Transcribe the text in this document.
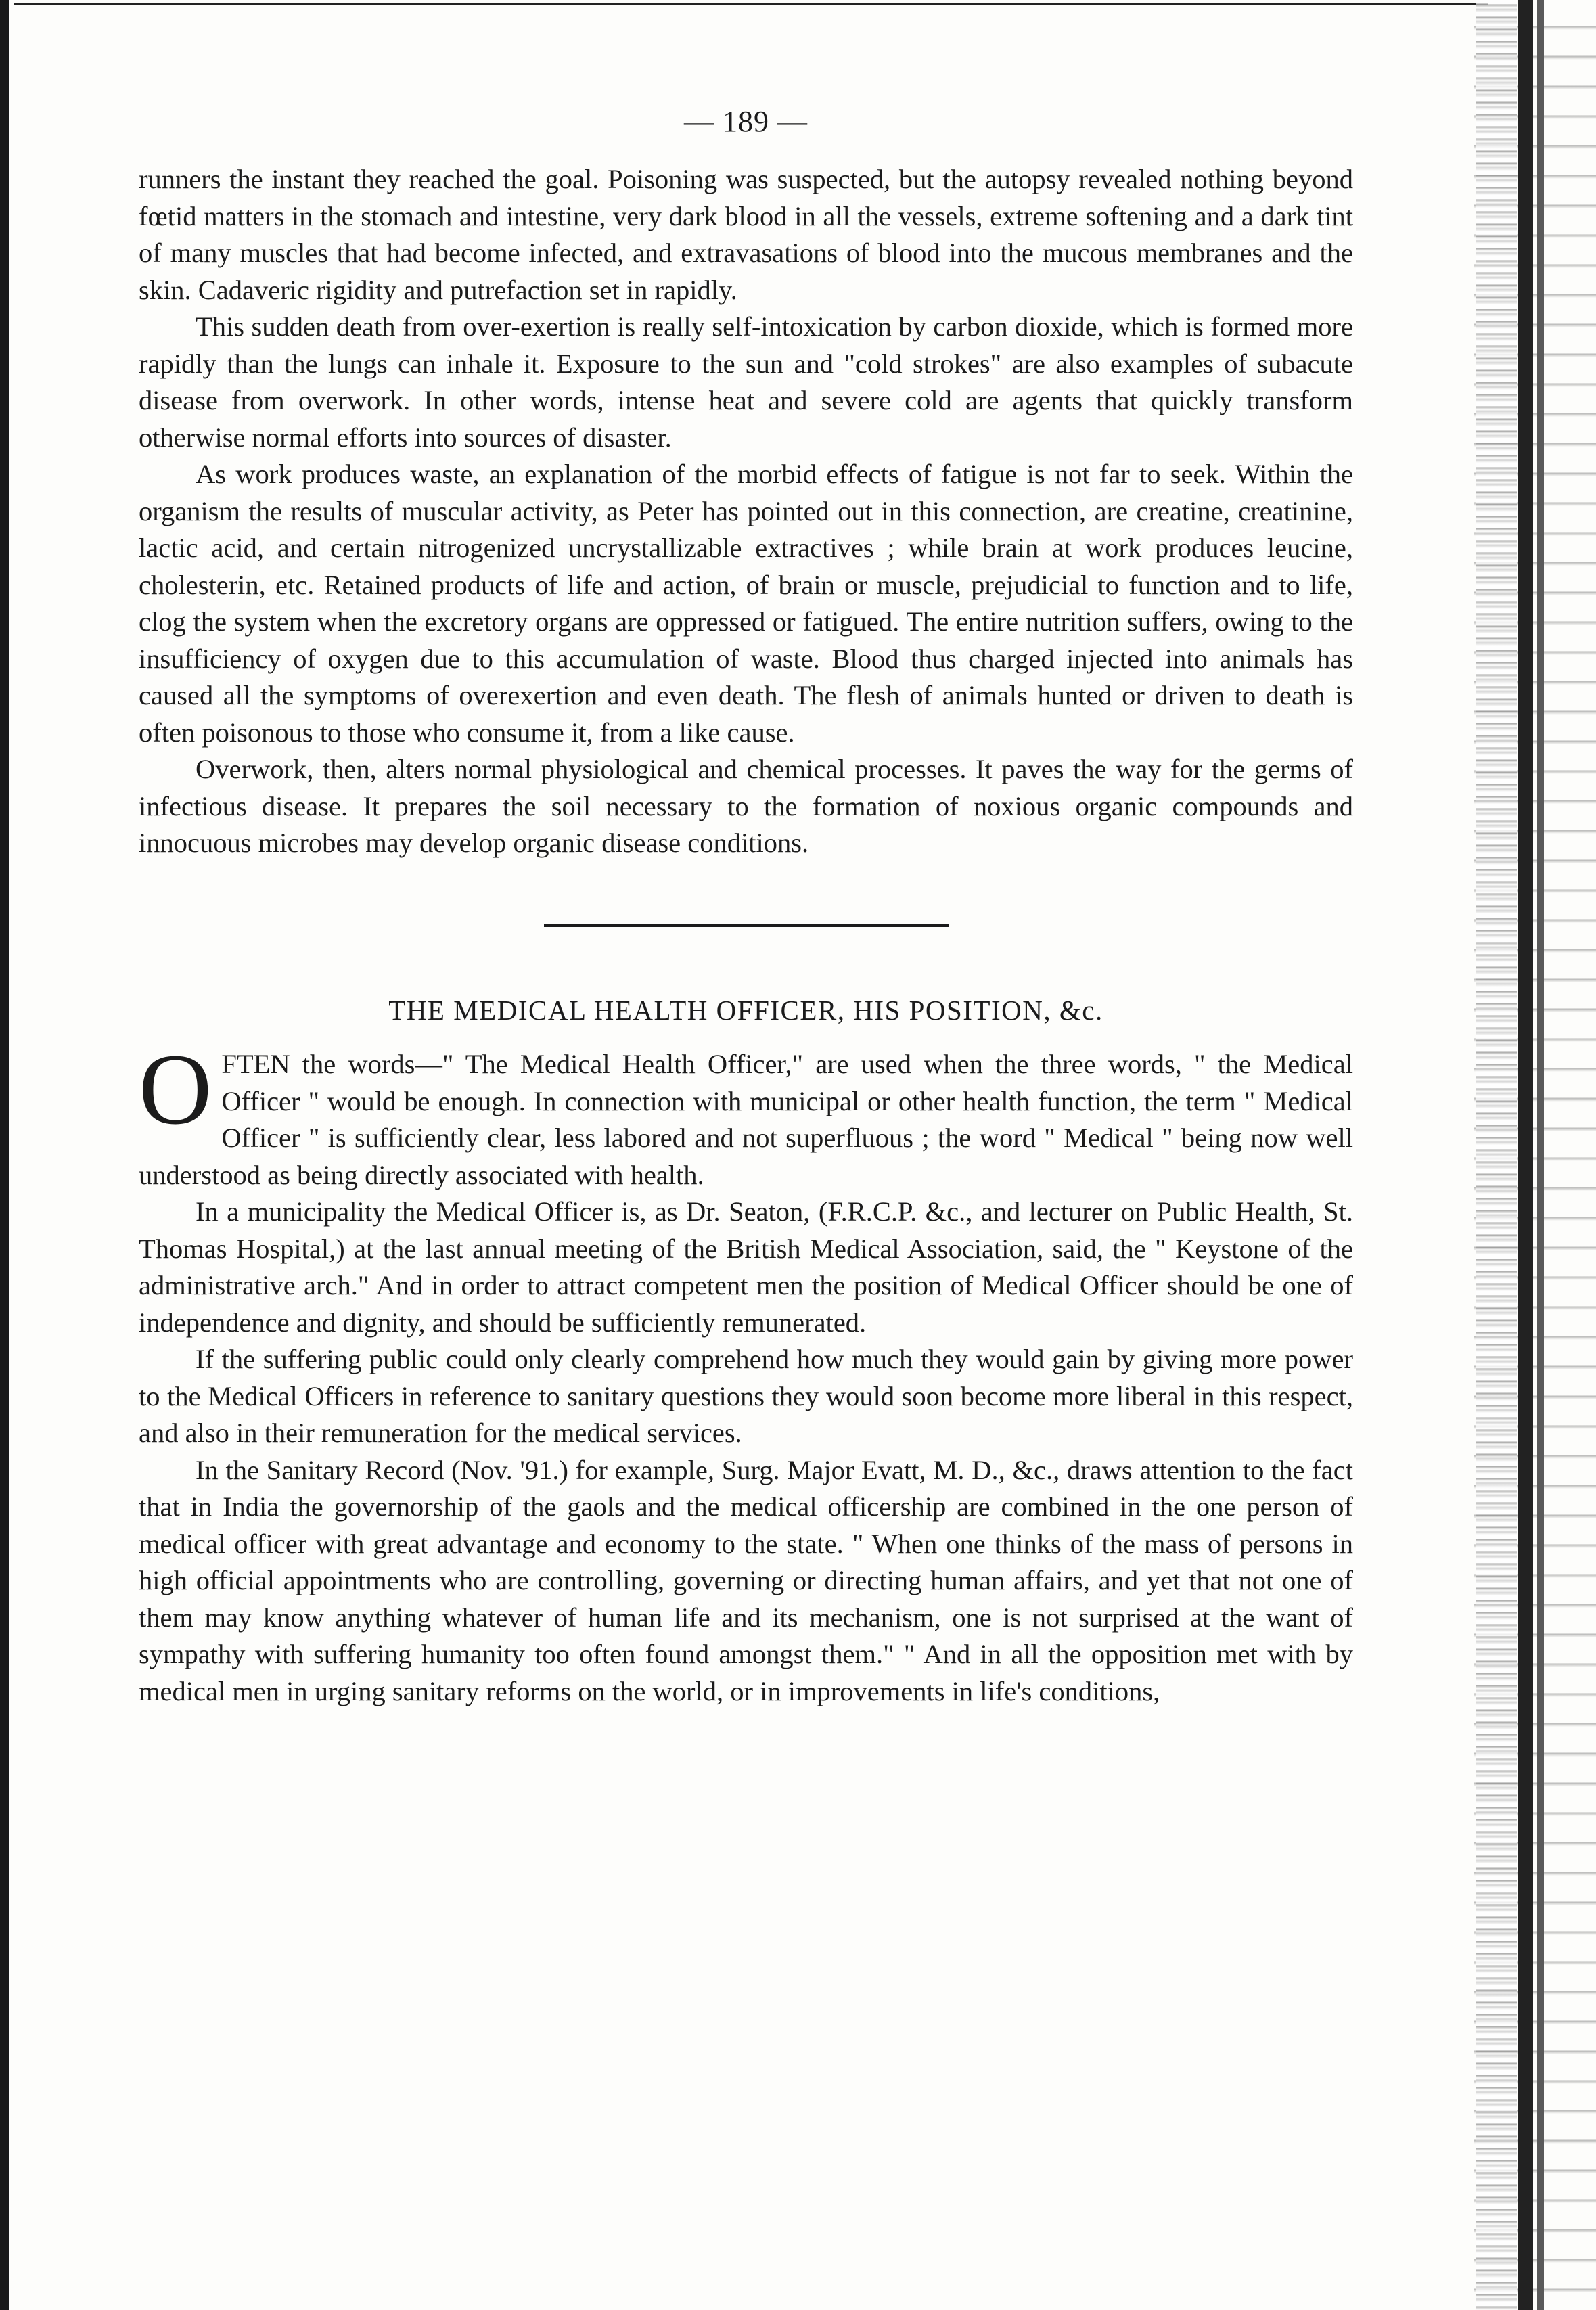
— 189 —

runners the instant they reached the goal. Poisoning was suspected, but the autopsy revealed nothing beyond fœtid matters in the stomach and intestine, very dark blood in all the vessels, extreme softening and a dark tint of many muscles that had become infected, and extravasations of blood into the mucous membranes and the skin. Cadaveric rigidity and putrefaction set in rapidly.

This sudden death from over-exertion is really self-intoxication by carbon dioxide, which is formed more rapidly than the lungs can inhale it. Exposure to the sun and "cold strokes" are also examples of subacute disease from overwork. In other words, intense heat and severe cold are agents that quickly transform otherwise normal efforts into sources of disaster.

As work produces waste, an explanation of the morbid effects of fatigue is not far to seek. Within the organism the results of muscular activity, as Peter has pointed out in this connection, are creatine, creatinine, lactic acid, and certain nitrogenized uncrystallizable extractives ; while brain at work produces leucine, cholesterin, etc. Retained products of life and action, of brain or muscle, prejudicial to function and to life, clog the system when the excretory organs are oppressed or fatigued. The entire nutrition suffers, owing to the insufficiency of oxygen due to this accumulation of waste. Blood thus charged injected into animals has caused all the symptoms of overexertion and even death. The flesh of animals hunted or driven to death is often poisonous to those who consume it, from a like cause.

Overwork, then, alters normal physiological and chemical processes. It paves the way for the germs of infectious disease. It prepares the soil necessary to the formation of noxious organic compounds and innocuous microbes may develop organic disease conditions.

THE MEDICAL HEALTH OFFICER, HIS POSITION, &c.

OFTEN the words—" The Medical Health Officer," are used when the three words, " the Medical Officer " would be enough. In connection with municipal or other health function, the term " Medical Officer " is sufficiently clear, less labored and not superfluous ; the word " Medical " being now well understood as being directly associated with health.

In a municipality the Medical Officer is, as Dr. Seaton, (F.R.C.P. &c., and lecturer on Public Health, St. Thomas Hospital,) at the last annual meeting of the British Medical Association, said, the " Keystone of the administrative arch." And in order to attract competent men the position of Medical Officer should be one of independence and dignity, and should be sufficiently remunerated.

If the suffering public could only clearly comprehend how much they would gain by giving more power to the Medical Officers in reference to sanitary questions they would soon become more liberal in this respect, and also in their remuneration for the medical services.

In the Sanitary Record (Nov. '91.) for example, Surg. Major Evatt, M. D., &c., draws attention to the fact that in India the governorship of the gaols and the medical officership are combined in the one person of medical officer with great advantage and economy to the state. " When one thinks of the mass of persons in high official appointments who are controlling, governing or directing human affairs, and yet that not one of them may know anything whatever of human life and its mechanism, one is not surprised at the want of sympathy with suffering humanity too often found amongst them." " And in all the opposition met with by medical men in urging sanitary reforms on the world, or in improvements in life's conditions,
